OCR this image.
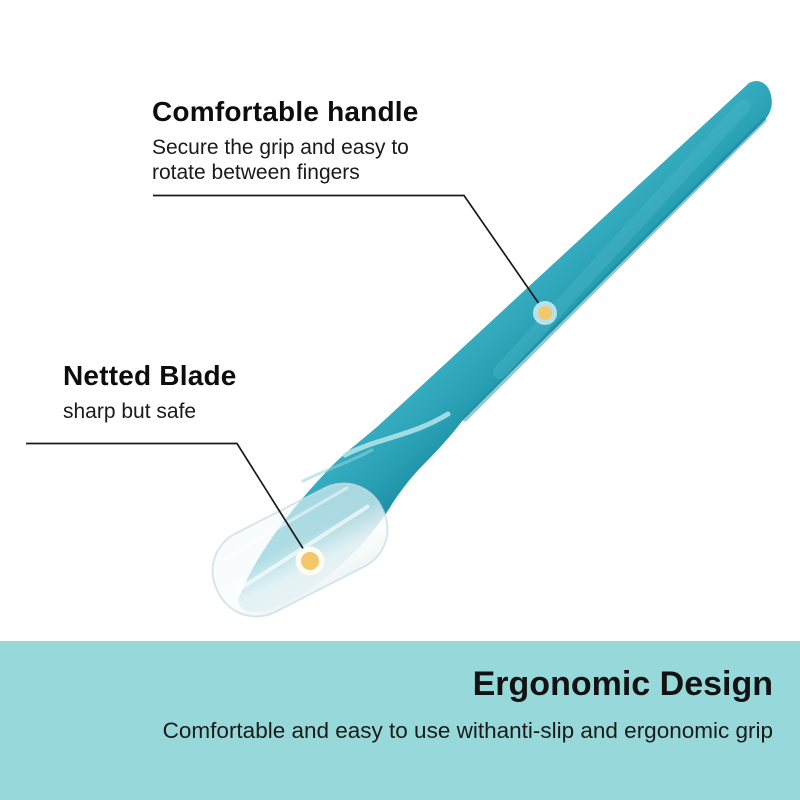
Comfortable handle
Secure the grip and easy to rotate between fingers
Netted Blade
sharp but safe
Ergonomic Design
Comfortable and easy to use withanti-slip and ergonomic grip
